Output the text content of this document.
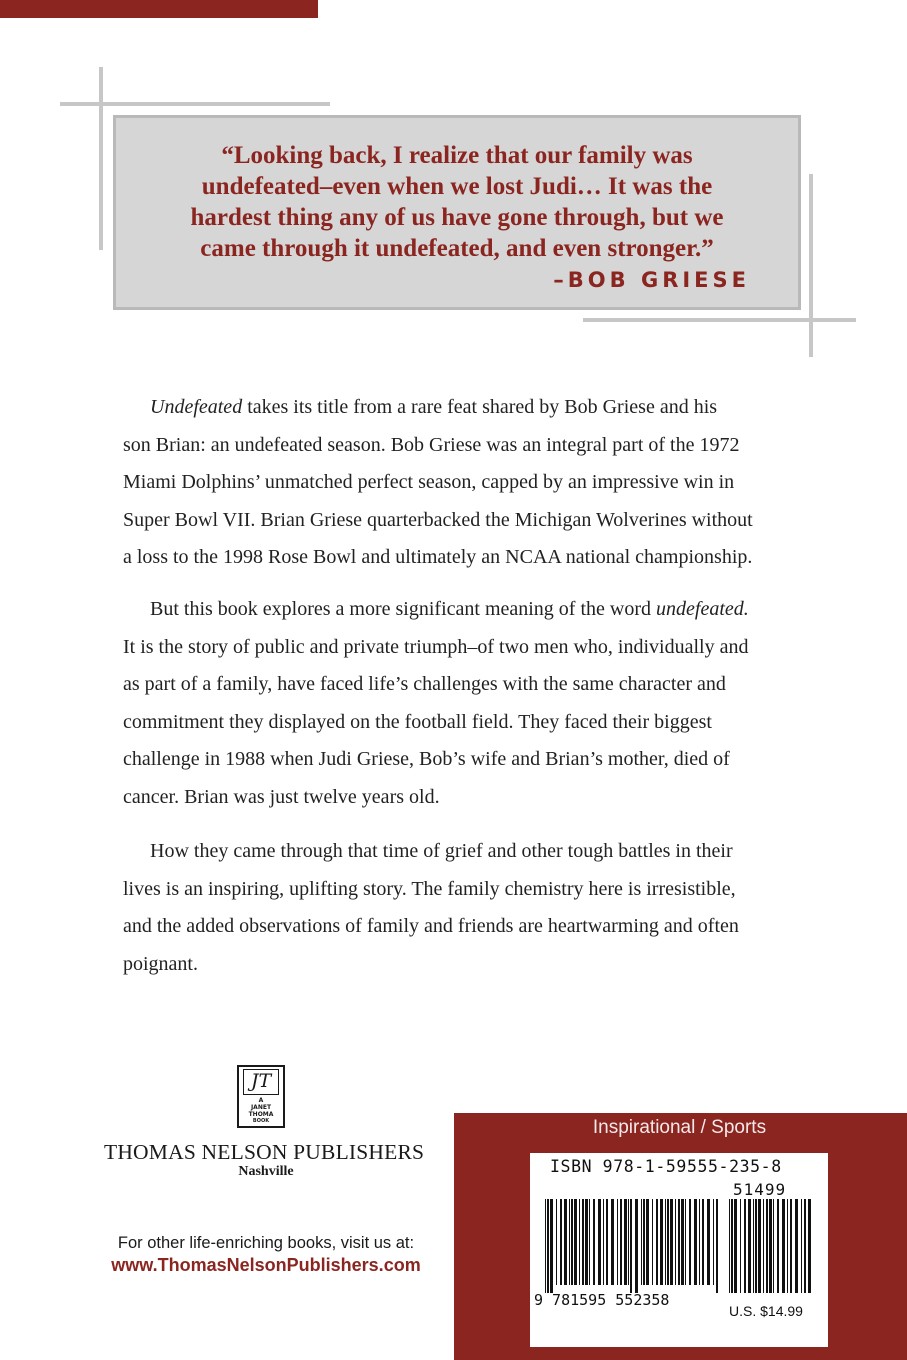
“Looking back, I realize that our family was
undefeated–even when we lost Judi… It was the
hardest thing any of us have gone through, but we
came through it undefeated, and even stronger.”
–BOB GRIESE

Undefeated takes its title from a rare feat shared by Bob Griese and his

son Brian: an undefeated season. Bob Griese was an integral part of the 1972
Miami Dolphins’ unmatched perfect season, capped by an impressive win in
Super Bowl VII. Brian Griese quarterbacked the Michigan Wolverines without
a loss to the 1998 Rose Bowl and ultimately an NCAA national championship.

But this book explores a more significant meaning of the word undefeated.

It is the story of public and private triumph–of two men who, individually and
as part of a family, have faced life’s challenges with the same character and
commitment they displayed on the football field. They faced their biggest
challenge in 1988 when Judi Griese, Bob’s wife and Brian’s mother, died of
cancer. Brian was just twelve years old.

How they came through that time of grief and other tough battles in their

lives is an inspiring, uplifting story. The family chemistry here is irresistible,
and the added observations of family and friends are heartwarming and often
poignant.
JT
A
JANET
THOMA
BOOK
THOMAS NELSON PUBLISHERS
Nashville
For other life-enriching books, visit us at:
www.ThomasNelsonPublishers.com
Inspirational / Sports
ISBN 978-1-59555-235-8
51499
9 781595 552358
U.S. $14.99
